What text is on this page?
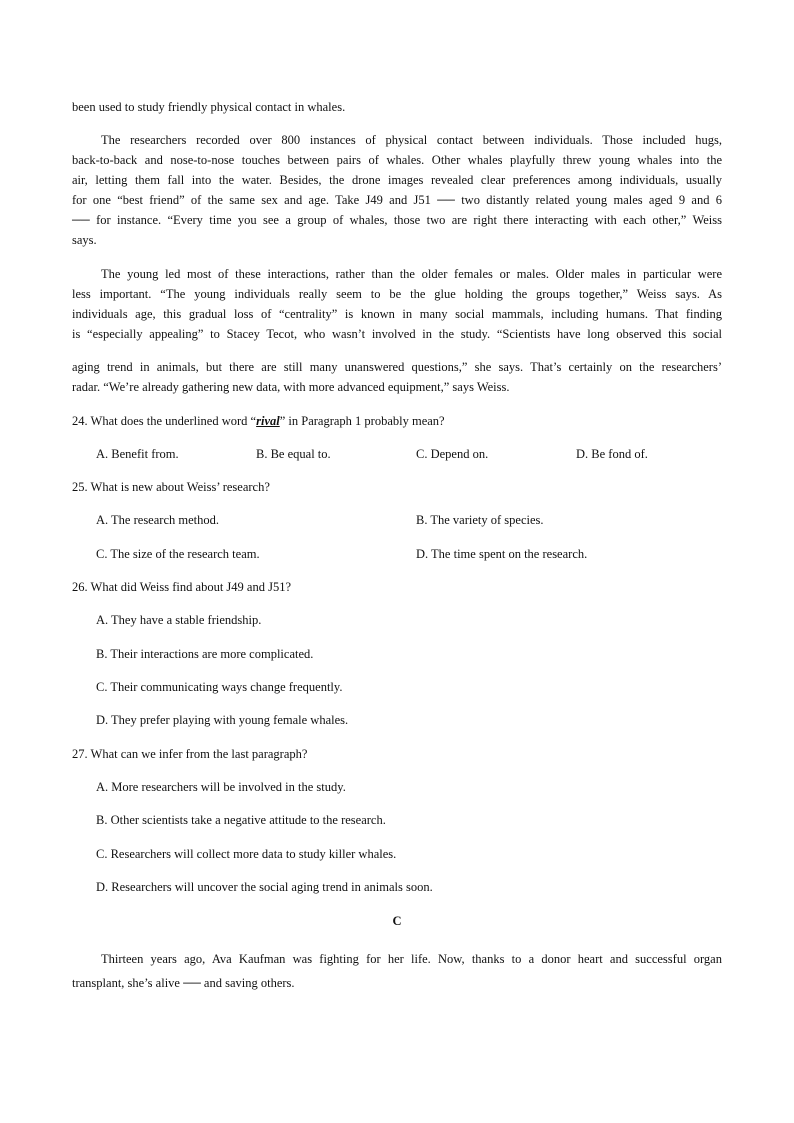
been used to study friendly physical contact in whales.
The researchers recorded over 800 instances of physical contact between individuals. Those included hugs,
back-to-back and nose-to-nose touches between pairs of whales. Other whales playfully threw young whales into the
air, letting them fall into the water. Besides, the drone images revealed clear preferences among individuals, usually
for one “best friend” of the same sex and age. Take J49 and J51 ── two distantly related young males aged 9 and 6
── for instance. “Every time you see a group of whales, those two are right there interacting with each other,” Weiss
says.
The young led most of these interactions, rather than the older females or males. Older males in particular were
less important. “The young individuals really seem to be the glue holding the groups together,” Weiss says. As
individuals age, this gradual loss of “centrality” is known in many social mammals, including humans. That finding
is “especially appealing” to Stacey Tecot, who wasn’t involved in the study. “Scientists have long observed this social
aging trend in animals, but there are still many unanswered questions,” she says. That’s certainly on the researchers’
radar. “We’re already gathering new data, with more advanced equipment,” says Weiss.
24. What does the underlined word “rival” in Paragraph 1 probably mean?
A. Benefit from.	B. Be equal to.	C. Depend on.	D. Be fond of.
25. What is new about Weiss’ research?
A. The research method.	B. The variety of species.
C. The size of the research team.	D. The time spent on the research.
26. What did Weiss find about J49 and J51?
A. They have a stable friendship.
B. Their interactions are more complicated.
C. Their communicating ways change frequently.
D. They prefer playing with young female whales.
27. What can we infer from the last paragraph?
A. More researchers will be involved in the study.
B. Other scientists take a negative attitude to the research.
C. Researchers will collect more data to study killer whales.
D. Researchers will uncover the social aging trend in animals soon.
C
Thirteen years ago, Ava Kaufman was fighting for her life. Now, thanks to a donor heart and successful organ
transplant, she’s alive ── and saving others.
